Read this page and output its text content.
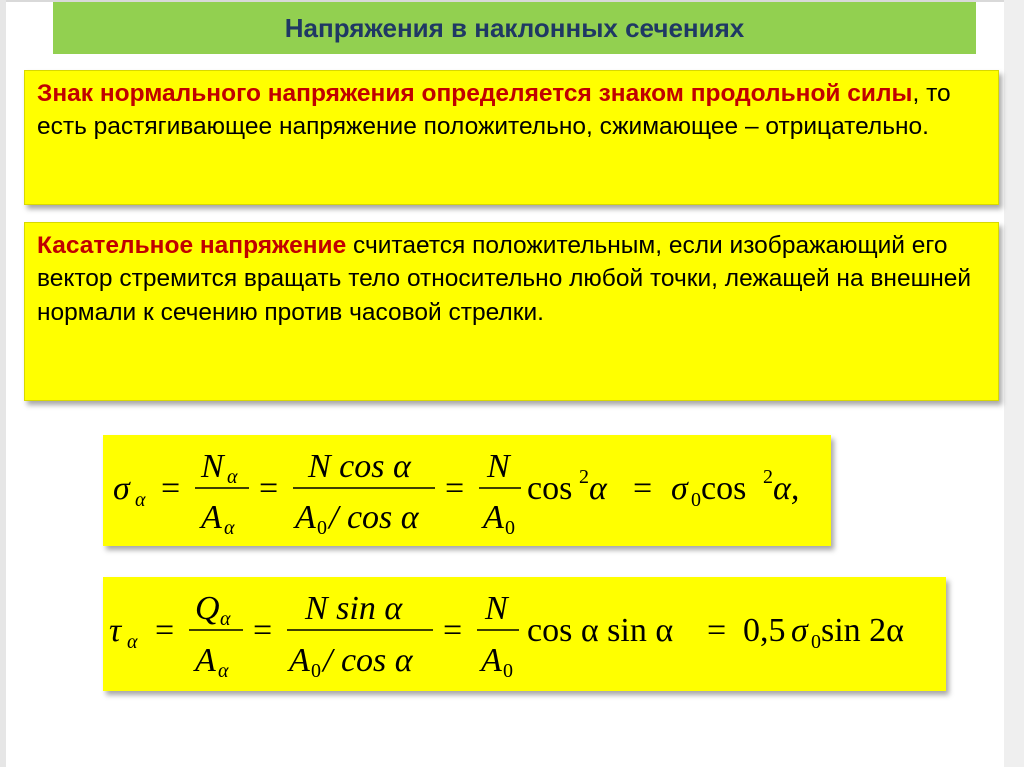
Напряжения в наклонных сечениях
Знак нормального напряжения определяется знаком продольной силы, то есть растягивающее напряжение положительно, сжимающее – отрицательно.
Касательное напряжение считается положительным, если изображающий его вектор стремится вращать тело относительно любой точки, лежащей на внешней нормали к сечению против часовой стрелки.
σ α =
N α
A α
=
N cos α
A 0 / cos α
=
N
A 0
cos 2 α = σ 0 cos 2 α,
τ α =
Q α
A α
=
N sin α
A 0 / cos α
=
N
A 0
cos α sin α = 0,5 σ 0 sin 2α
